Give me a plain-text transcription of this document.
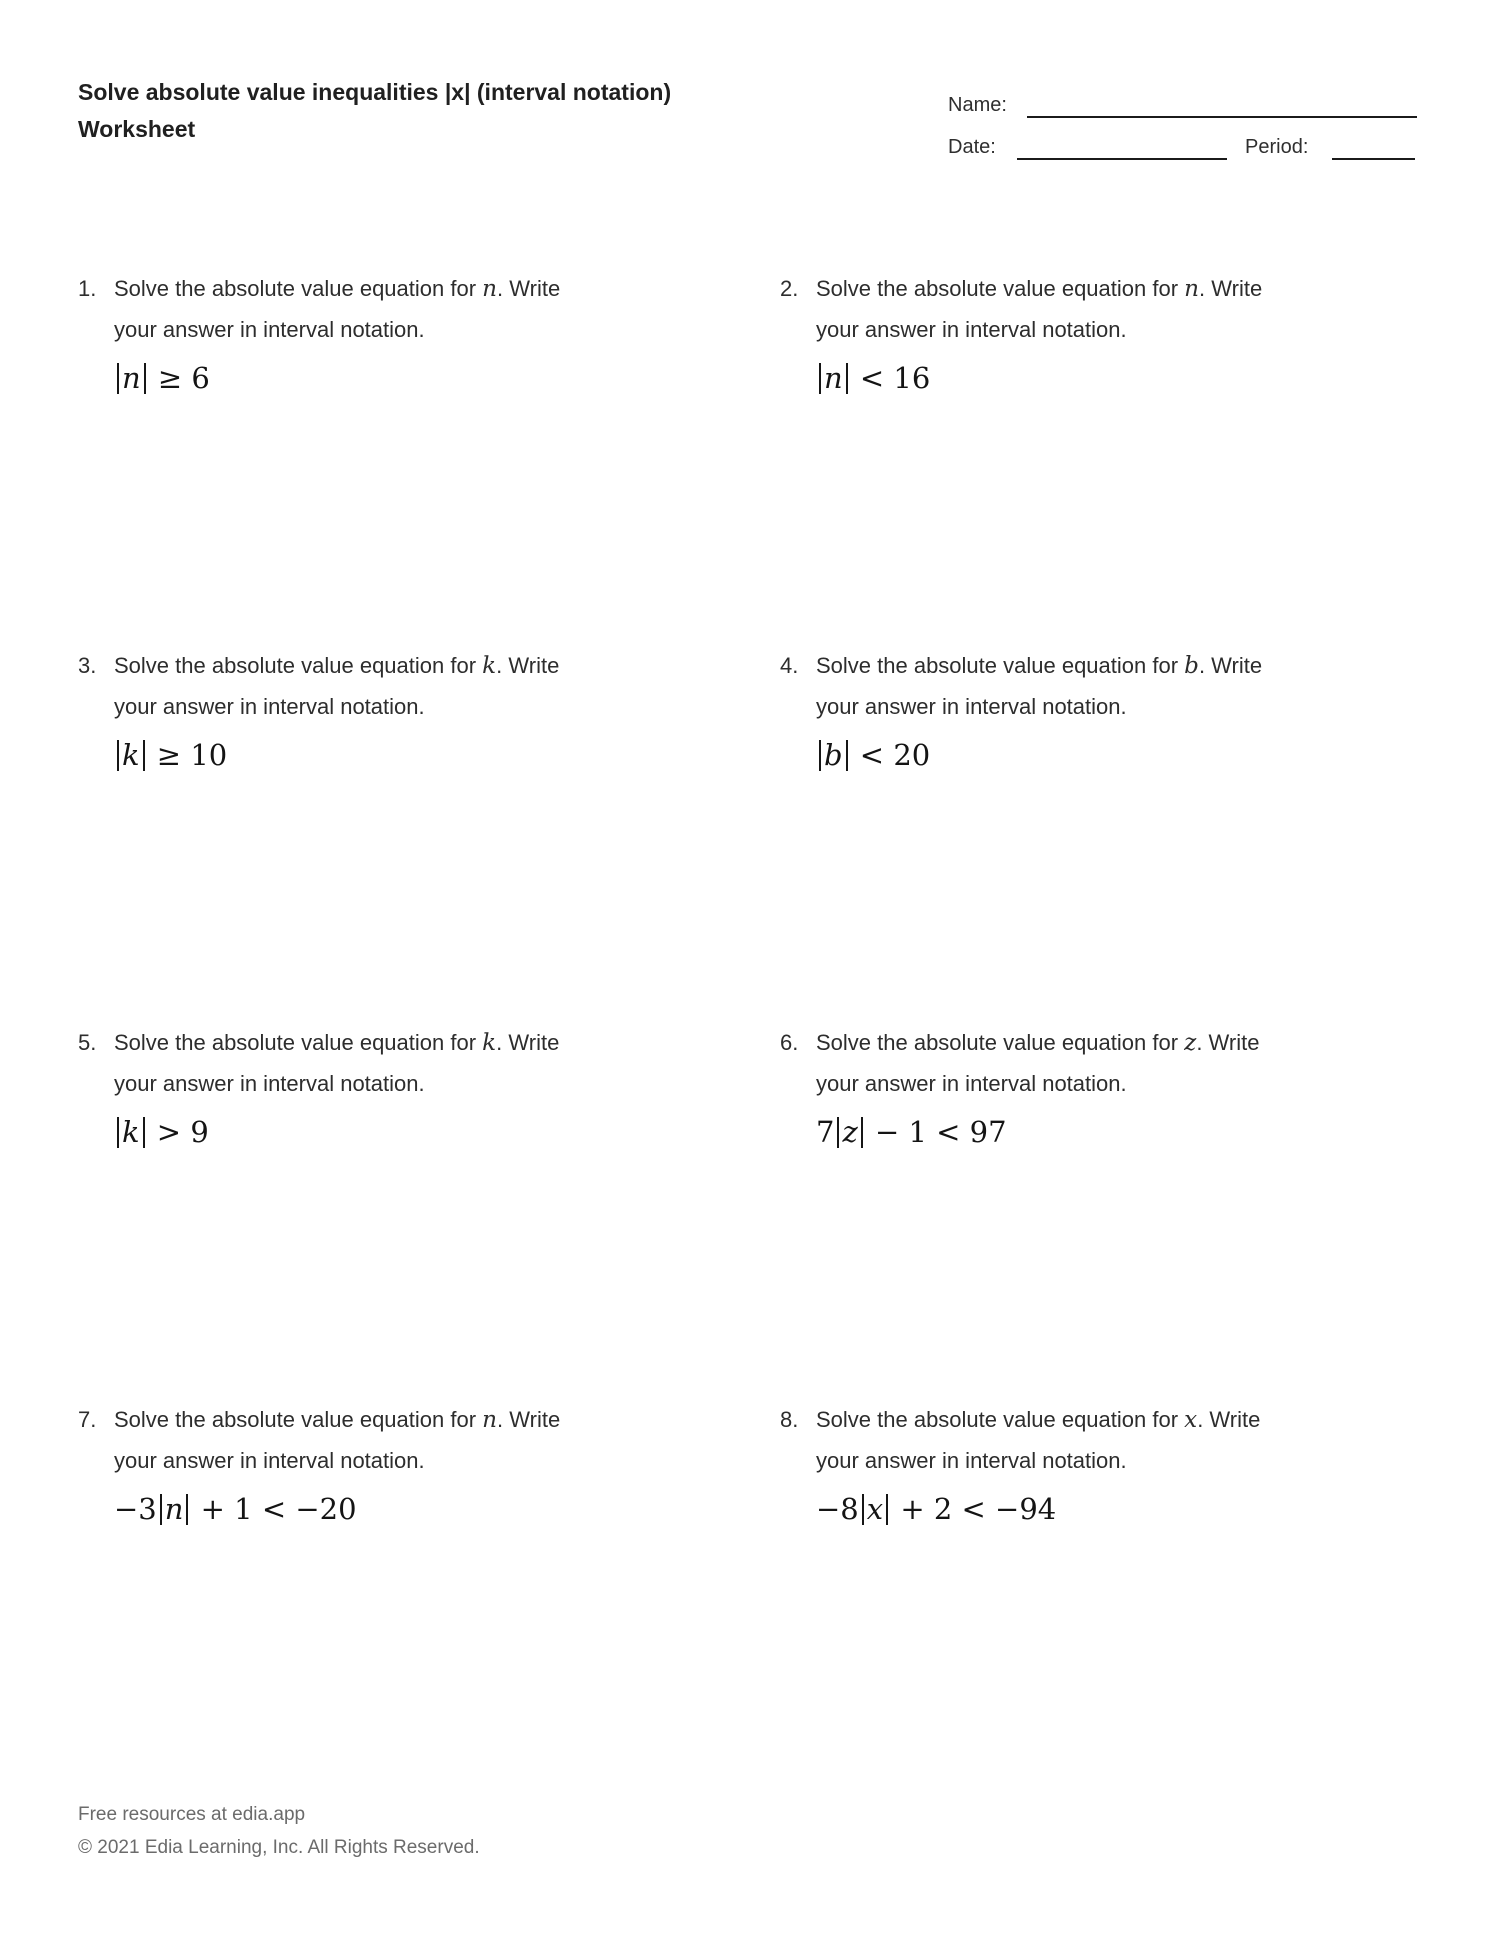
Solve absolute value inequalities |x| (interval notation)
Worksheet
Name:
Date:	Period:
1. Solve the absolute value equation for n. Write
your answer in interval notation.
n ≥ 6
2. Solve the absolute value equation for n. Write
your answer in interval notation.
n < 16
3. Solve the absolute value equation for k. Write
your answer in interval notation.
k ≥ 10
4. Solve the absolute value equation for b. Write
your answer in interval notation.
b < 20
5. Solve the absolute value equation for k. Write
your answer in interval notation.
k > 9
6. Solve the absolute value equation for z. Write
your answer in interval notation.
7 z − 1 < 97
7. Solve the absolute value equation for n. Write
your answer in interval notation.
−3 n + 1 < −20
8. Solve the absolute value equation for x. Write
your answer in interval notation.
−8 x + 2 < −94
Free resources at edia.app
© 2021 Edia Learning, Inc. All Rights Reserved.
